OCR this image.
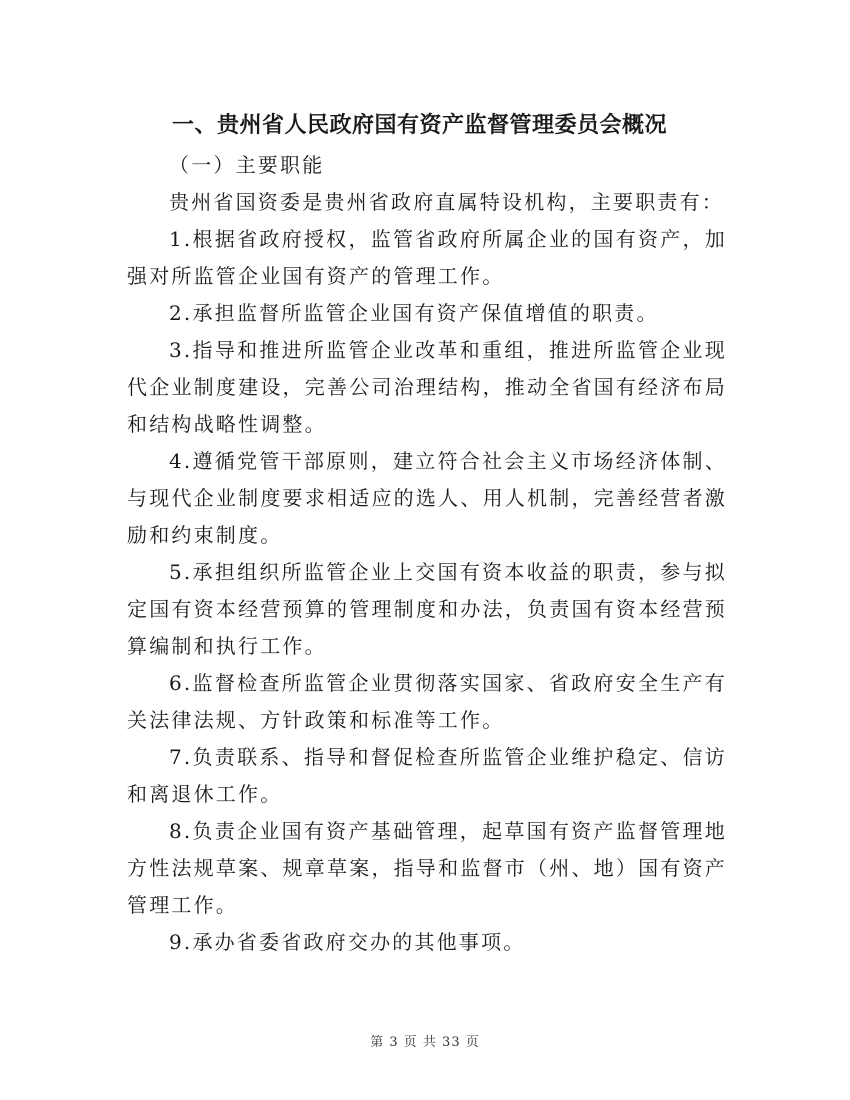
一、贵州省人民政府国有资产监督管理委员会概况

（一）主要职能

贵州省国资委是贵州省政府直属特设机构，主要职责有：

1.根据省政府授权，监管省政府所属企业的国有资产，加强对所监管企业国有资产的管理工作。

2.承担监督所监管企业国有资产保值增值的职责。

3.指导和推进所监管企业改革和重组，推进所监管企业现代企业制度建设，完善公司治理结构，推动全省国有经济布局和结构战略性调整。

4.遵循党管干部原则，建立符合社会主义市场经济体制、与现代企业制度要求相适应的选人、用人机制，完善经营者激励和约束制度。

5.承担组织所监管企业上交国有资本收益的职责，参与拟定国有资本经营预算的管理制度和办法，负责国有资本经营预算编制和执行工作。

6.监督检查所监管企业贯彻落实国家、省政府安全生产有关法律法规、方针政策和标准等工作。

7.负责联系、指导和督促检查所监管企业维护稳定、信访和离退休工作。

8.负责企业国有资产基础管理，起草国有资产监督管理地方性法规草案、规章草案，指导和监督市（州、地）国有资产管理工作。

9.承办省委省政府交办的其他事项。

第 3 页 共 33 页
